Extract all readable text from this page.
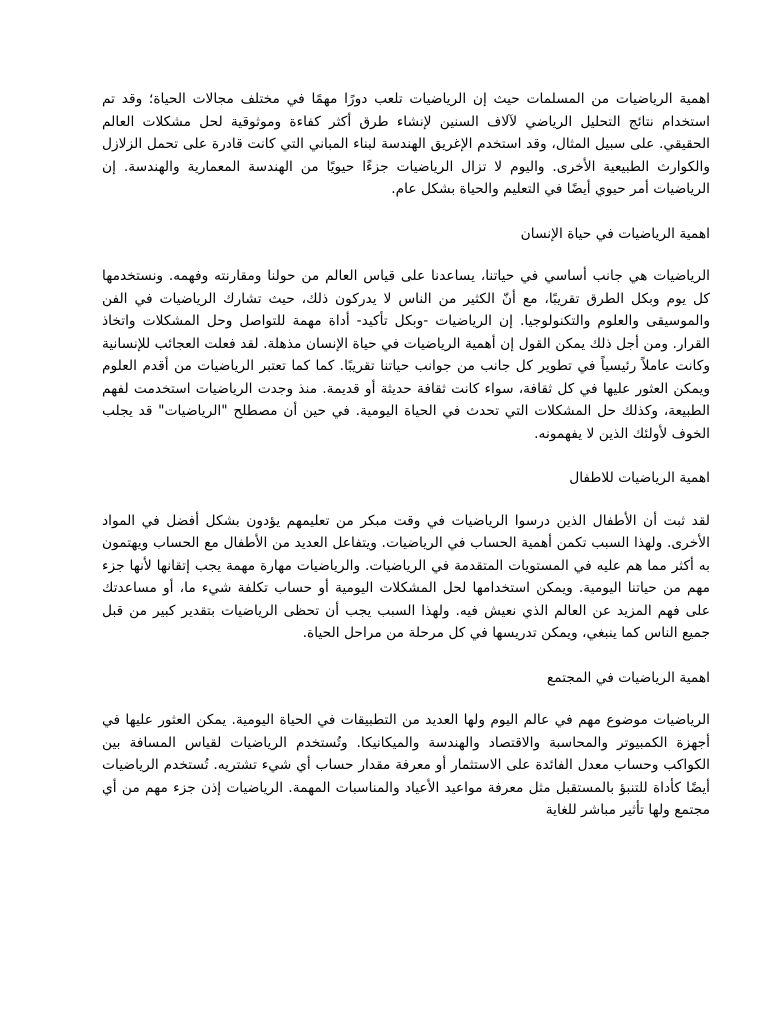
اهمية الرياضيات من المسلمات حيث إن الرياضيات تلعب دورًا مهمًا في مختلف مجالات الحياة؛ وقد تم استخدام نتائج التحليل الرياضي لآلاف السنين لإنشاء طرق أكثر كفاءة وموثوقية لحل مشكلات العالم الحقيقي. على سبيل المثال، وقد استخدم الإغريق الهندسة لبناء المباني التي كانت قادرة على تحمل الزلازل والكوارث الطبيعية الأخرى. واليوم لا تزال الرياضيات جزءًا حيويًا من الهندسة المعمارية والهندسة. إن الرياضيات أمر حيوي أيضًا في التعليم والحياة بشكل عام.

اهمية الرياضيات في حياة الإنسان

الرياضيات هي جانب أساسي في حياتنا، يساعدنا على قياس العالم من حولنا ومقارنته وفهمه. ونستخدمها كل يوم وبكل الطرق تقريبًا، مع أنّ الكثير من الناس لا يدركون ذلك، حيث تشارك الرياضيات في الفن والموسيقى والعلوم والتكنولوجيا. إن الرياضيات -وبكل تأكيد- أداة مهمة للتواصل وحل المشكلات واتخاذ القرار. ومن أجل ذلك يمكن القول إن أهمية الرياضيات في حياة الإنسان مذهلة. لقد فعلت العجائب للإنسانية وكانت عاملاً رئيسياً في تطوير كل جانب من جوانب حياتنا تقريبًا. كما كما تعتبر الرياضيات من أقدم العلوم ويمكن العثور عليها في كل ثقافة، سواء كانت ثقافة حديثة أو قديمة. منذ وجدت الرياضيات استخدمت لفهم الطبيعة، وكذلك حل المشكلات التي تحدث في الحياة اليومية. في حين أن مصطلح "الرياضيات" قد يجلب الخوف لأولئك الذين لا يفهمونه.

اهمية الرياضيات للاطفال

لقد ثبت أن الأطفال الذين درسوا الرياضيات في وقت مبكر من تعليمهم يؤدون بشكل أفضل في المواد الأخرى. ولهذا السبب تكمن أهمية الحساب في الرياضيات. ويتفاعل العديد من الأطفال مع الحساب ويهتمون به أكثر مما هم عليه في المستويات المتقدمة في الرياضيات. والرياضيات مهارة مهمة يجب إتقانها لأنها جزء مهم من حياتنا اليومية. ويمكن استخدامها لحل المشكلات اليومية أو حساب تكلفة شيء ما، أو مساعدتك على فهم المزيد عن العالم الذي نعيش فيه. ولهذا السبب يجب أن تحظى الرياضيات بتقدير كبير من قبل جميع الناس كما ينبغي، ويمكن تدريسها في كل مرحلة من مراحل الحياة.

اهمية الرياضيات في المجتمع

الرياضيات موضوع مهم في عالم اليوم ولها العديد من التطبيقات في الحياة اليومية. يمكن العثور عليها في أجهزة الكمبيوتر والمحاسبة والاقتصاد والهندسة والميكانيكا. وتُستخدم الرياضيات لقياس المسافة بين الكواكب وحساب معدل الفائدة على الاستثمار أو معرفة مقدار حساب أي شيء تشتريه. تُستخدم الرياضيات أيضًا كأداة للتنبؤ بالمستقبل مثل معرفة مواعيد الأعياد والمناسبات المهمة. الرياضيات إذن جزء مهم من أي مجتمع ولها تأثير مباشر للغاية
